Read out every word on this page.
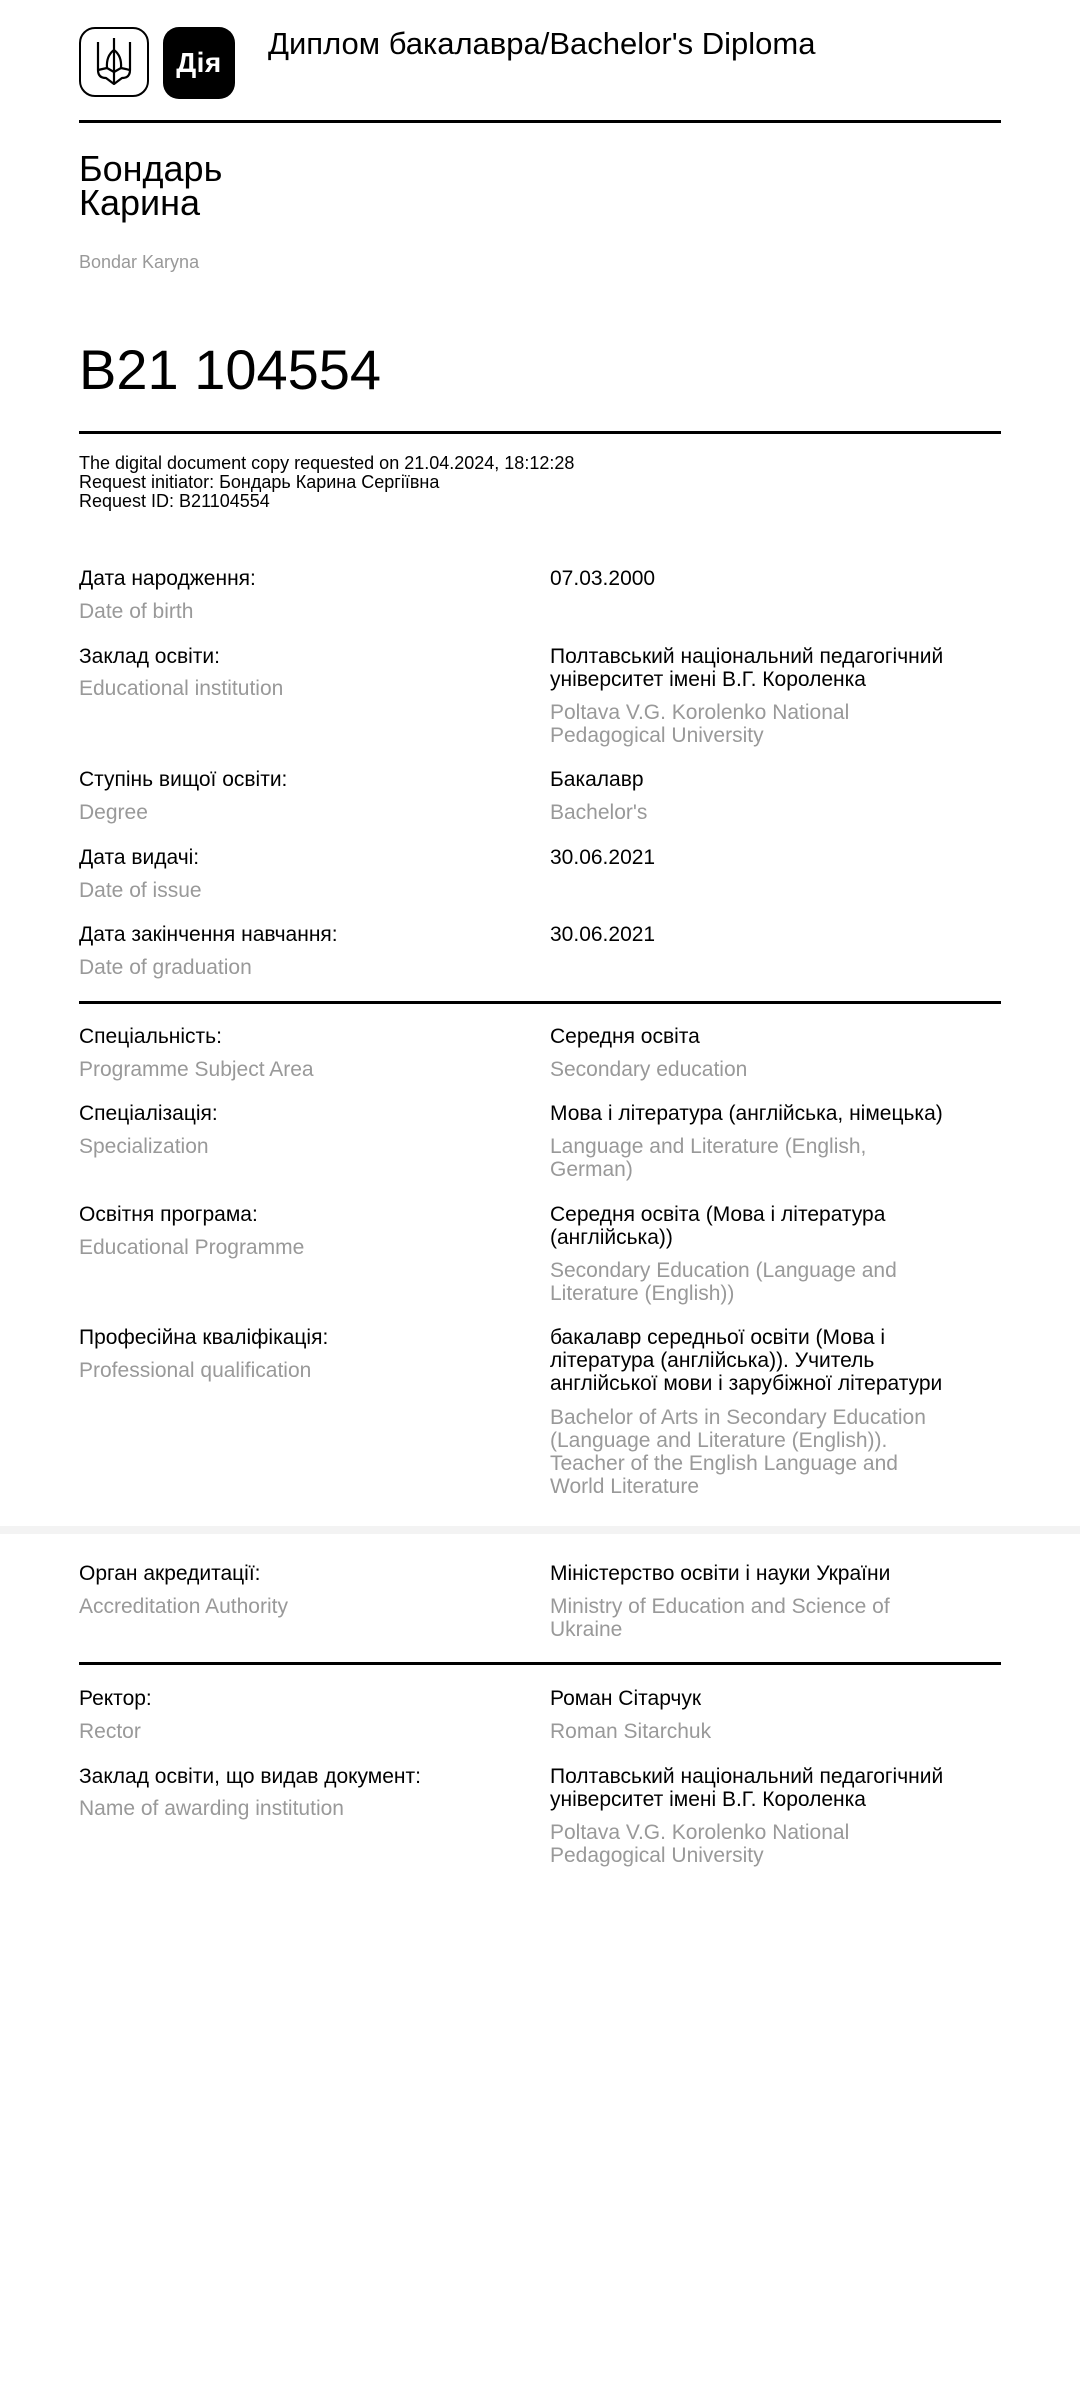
Дія
Диплом бакалавра/Bachelor's Diploma
Бондарь
Карина
Bondar Karyna
B21 104554
The digital document copy requested on 21.04.2024, 18:12:28
Request initiator: Бондарь Карина Сергіївна
Request ID: B21104554
Дата народження:
Date of birth
07.03.2000
Заклад освіти:
Educational institution
Полтавський національний педагогічний
університет імені В.Г. Короленка
Poltava V.G. Korolenko National
Pedagogical University
Ступінь вищої освіти:
Degree
Бакалавр
Bachelor's
Дата видачі:
Date of issue
30.06.2021
Дата закінчення навчання:
Date of graduation
30.06.2021
Спеціальність:
Programme Subject Area
Середня освіта
Secondary education
Спеціалізація:
Specialization
Мова і література (англійська, німецька)
Language and Literature (English,
German)
Освітня програма:
Educational Programme
Середня освіта (Мова і література
(англійська))
Secondary Education (Language and
Literature (English))
Професійна кваліфікація:
Professional qualification
бакалавр середньої освіти (Мова і
література (англійська)). Учитель
англійської мови і зарубіжної літератури
Bachelor of Arts in Secondary Education
(Language and Literature (English)).
Teacher of the English Language and
World Literature
Орган акредитації:
Accreditation Authority
Міністерство освіти і науки України
Ministry of Education and Science of
Ukraine
Ректор:
Rector
Роман Сітарчук
Roman Sitarchuk
Заклад освіти, що видав документ:
Name of awarding institution
Полтавський національний педагогічний
університет імені В.Г. Короленка
Poltava V.G. Korolenko National
Pedagogical University
